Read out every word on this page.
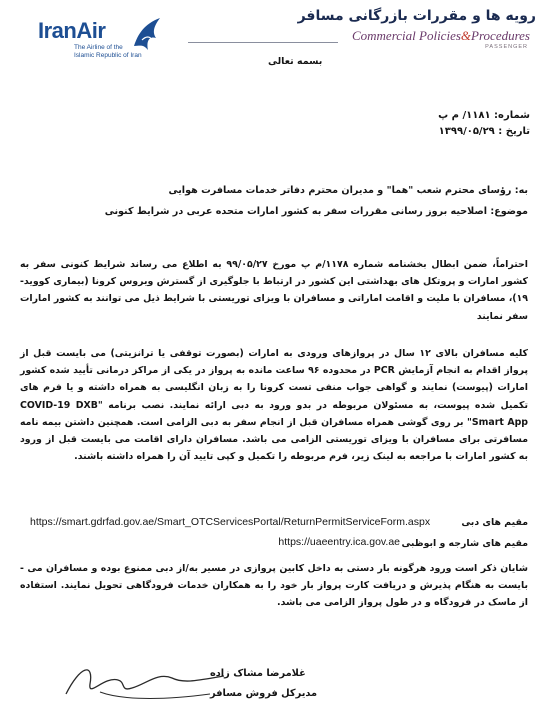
IranAir
The Airline of the Islamic Republic of Iran
رویه ها و مقررات بازرگانی مسافر
Commercial Policies&Procedures
PASSENGER
بسمه تعالی
شماره: ۱۱۸۱/ م پ
تاریخ : ۱۳۹۹/۰۵/۲۹
به: رؤسای محترم شعب "هما" و مدیران محترم دفاتر خدمات مسافرت هوایی
موضوع: اصلاحیه بروز رسانی مقررات سفر به کشور امارات متحده عربی در شرایط کنونی
احتراماً، ضمن ابطال بخشنامه شماره ۱۱۷۸/م پ مورخ ۹۹/۰۵/۲۷ به اطلاع می رساند شرایط کنونی سفر به کشور امارات و پروتکل های بهداشتی این کشور در ارتباط با جلوگیری از گسترش ویروس کرونا (بیماری کووید- ۱۹)، مسافران با ملیت و اقامت اماراتی و مسافران با ویزای توریستی با شرایط ذیل می توانند به کشور امارات سفر نمایند
کلیه مسافران بالای ۱۲ سال در پروازهای ورودی به امارات (بصورت توقفی یا ترانزیتی) می بایست قبل از پرواز اقدام به انجام آزمایش PCR در محدوده ۹۶ ساعت مانده به پرواز در یکی از مراکز درمانی تأیید شده کشور امارات (پیوست) نمایند و گواهی جواب منفی تست کرونا را به زبان انگلیسی به همراه داشته و یا فرم های تکمیل شده پیوست، به مسئولان مربوطه در بدو ورود به دبی ارائه نمایند. نصب برنامه "COVID-19 DXB Smart App" بر روی گوشی همراه مسافران قبل از انجام سفر به دبی الزامی است. همچنین داشتن بیمه نامه مسافرتی برای مسافران با ویزای توریستی الزامی می باشد. مسافران دارای اقامت می بایست قبل از ورود به کشور امارات با مراجعه به لینک زیر، فرم مربوطه را تکمیل و کپی تایید آن را همراه داشته باشند.
مقیم های دبی
https://smart.gdrfad.gov.ae/Smart_OTCServicesPortal/ReturnPermitServiceForm.aspx
مقیم های شارجه و ابوظبی
https://uaeentry.ica.gov.ae
شایان ذکر است ورود هرگونه بار دستی به داخل کابین پروازی در مسیر به/از دبی ممنوع بوده و مسافران می - بایست به هنگام پذیرش و دریافت کارت پرواز بار خود را به همکاران خدمات فرودگاهی تحویل نمایند. استفاده از ماسک در فرودگاه و در طول پرواز الزامی می باشد.
غلامرضا مشاک زاده
مدیرکل فروش مسافر
